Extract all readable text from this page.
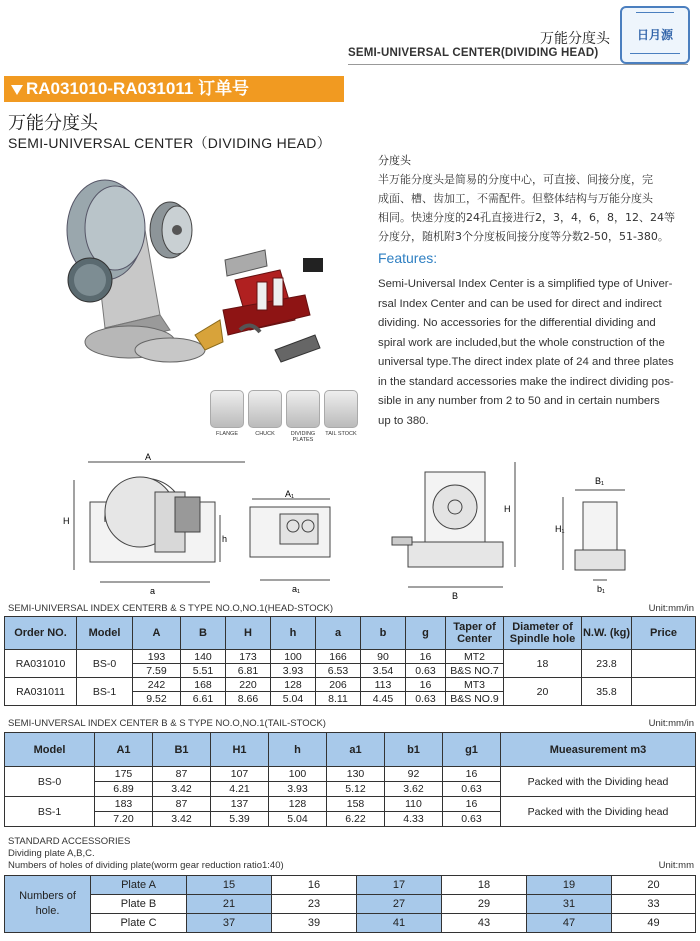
万能分度头
SEMI-UNIVERSAL CENTER(DIVIDING HEAD)
日月源
RA031010-RA031011 订单号
万能分度头
SEMI-UNIVERSAL CENTER（DIVIDING HEAD）
FLANGE	CHUCK	DIVIDING PLATES
TAIL STOCK
分度头
半万能分度头是简易的分度中心，可直接、间接分度，完
成面、槽、齿加工，不需配件。但整体结构与万能分度头
相同。快速分度的24孔直接进行2，3，4，6，8，12、24等
分度分，随机附3个分度板间接分度等分数2-50，51-380。
Features:
Semi-Universal Index Center is a simplified type of Univer-
rsal Index Center and can be used for direct and indirect
dividing. No accessories for the differential dividing and
spiral work are included,but the whole construction of the
universal type.The direct index plate of 24 and three plates
in the standard accessories make the indirect dividing pos-
sible in any number from 2 to 50 and in certain numbers
up to 380.
A
H
h
a
A₁
a₁
H
B
B₁
H₁
b₁
SEMI-UNIVERSAL INDEX CENTERB & S TYPE NO.O,NO.1(HEAD-STOCK)	Unit:mm/in
Order NO.	Model	A	B	H	h	a	b	g	Taper of Center	Diameter of Spindle hole	N.W. (kg)	Price
RA031010	BS-0	193	140	173	100	166	90	16	MT2	18	23.8	
		7.59	5.51	6.81	3.93	6.53	3.54	0.63	B&S NO.7			
RA031011	BS-1	242	168	220	128	206	113	16	MT3	20	35.8	
		9.52	6.61	8.66	5.04	8.11	4.45	0.63	B&S NO.9			
SEMI-UNVERSAL INDEX CENTER B & S TYPE NO.O,NO.1(TAIL-STOCK)	Unit:mm/in
Model	A1	B1	H1	h	a1	b1	g1	Mueasurement m3
BS-0	175	87	107	100	130	92	16	Packed with the Dividing head
	6.89	3.42	4.21	3.93	5.12	3.62	0.63	
BS-1	183	87	137	128	158	110	16	Packed with the Dividing head
	7.20	3.42	5.39	5.04	6.22	4.33	0.63	
STANDARD ACCESSORIES
Dividing plate A,B,C.
Numbers of holes of dividing plate(worm gear reduction ratio1:40)	Unit:mm
Numbers of hole.	Plate A	15	16	17	18	19	20
	Plate B	21	23	27	29	31	33
	Plate C	37	39	41	43	47	49
